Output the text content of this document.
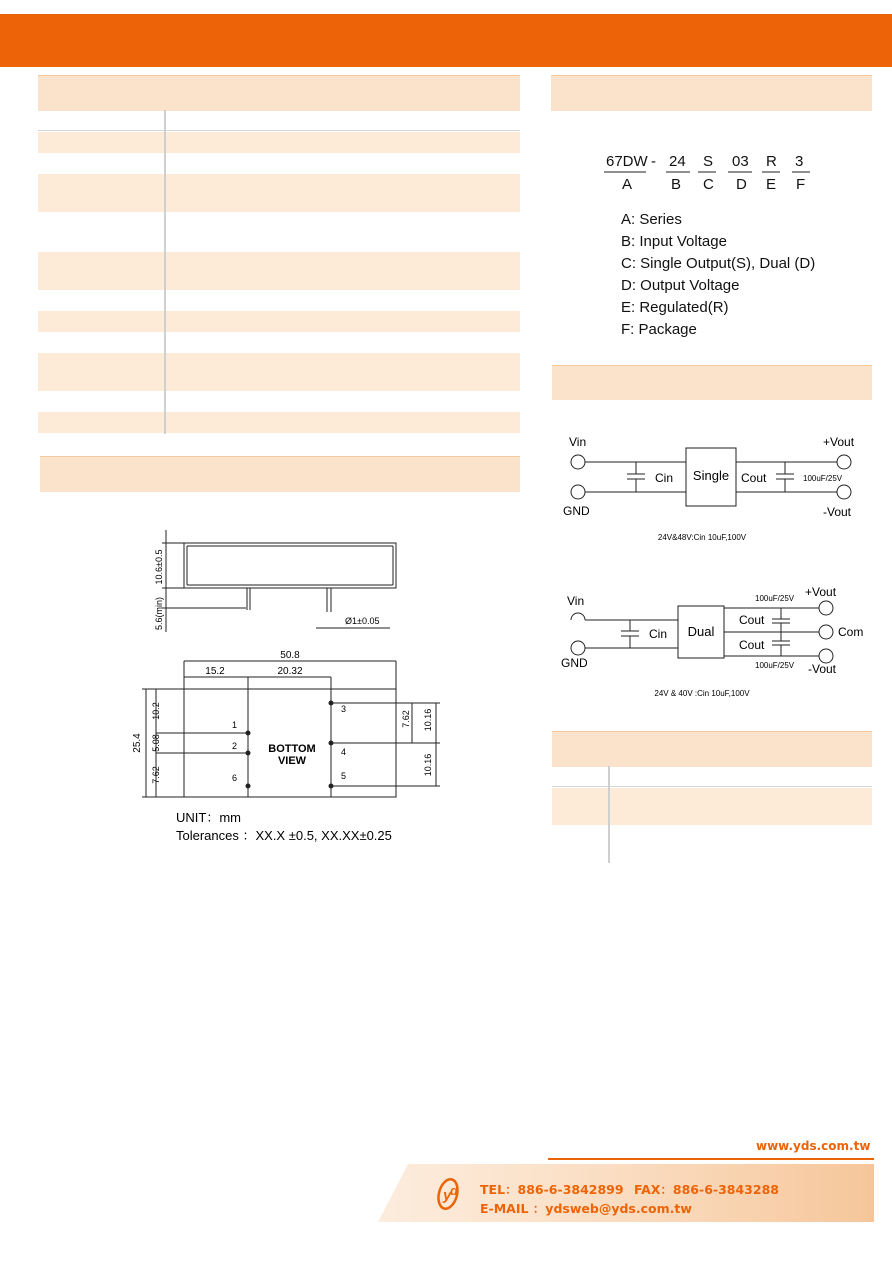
10.6±0.5
5.6(min)	Ø1±0.05
50.8
15.2	20.32
25.4
10.2
5.08
7.62
7.62 10.16
10.16
BOTTOM
VIEW
1
2
6
3
4
5
UNIT：mm
Tolerances ：XX.X ±0.5, XX.XX±0.25
67DW - 24 S 03 R 3
A	B C D E F
A: Series
B: Input Voltage
C: Single Output(S), Dual (D)
D: Output Voltage
E: Regulated(R)
F: Package
Vin
GND
Cin Single Cout	100uF/25V
+Vout
-Vout
24V&48V:Cin 10uF,100V
Vin
GND
Cin Dual
Cout
Cout
100uF/25V
100uF/25V
+Vout
Com
-Vout
24V & 40V :Cin 10uF,100V
www.yds.com.tw
y
d TEL：886-6-3842899 FAX：886-6-3843288
E-MAIL ：ydsweb@yds.com.tw
